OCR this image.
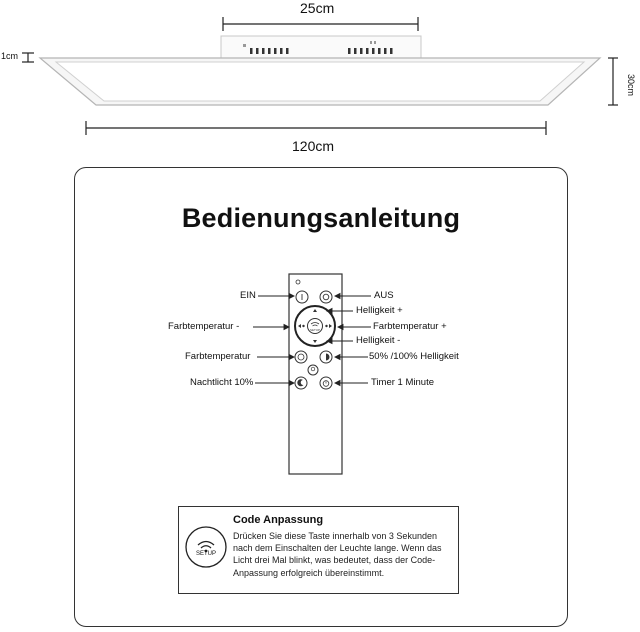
25cm
1cm
30cm
120cm
Bedienungsanleitung
SETUP
EIN	AUS
Helligkeit +
Farbtemperatur -	Farbtemperatur +
Helligkeit -
Farbtemperatur	50% /100% Helligkeit
Nachtlicht 10%	Timer 1 Minute
SETUP
Code Anpassung
Drücken Sie diese Taste innerhalb von 3 Sekunden
nach dem Einschalten der Leuchte lange. Wenn das
Licht drei Mal blinkt, was bedeutet, dass der Code-
Anpassung erfolgreich übereinstimmt.
